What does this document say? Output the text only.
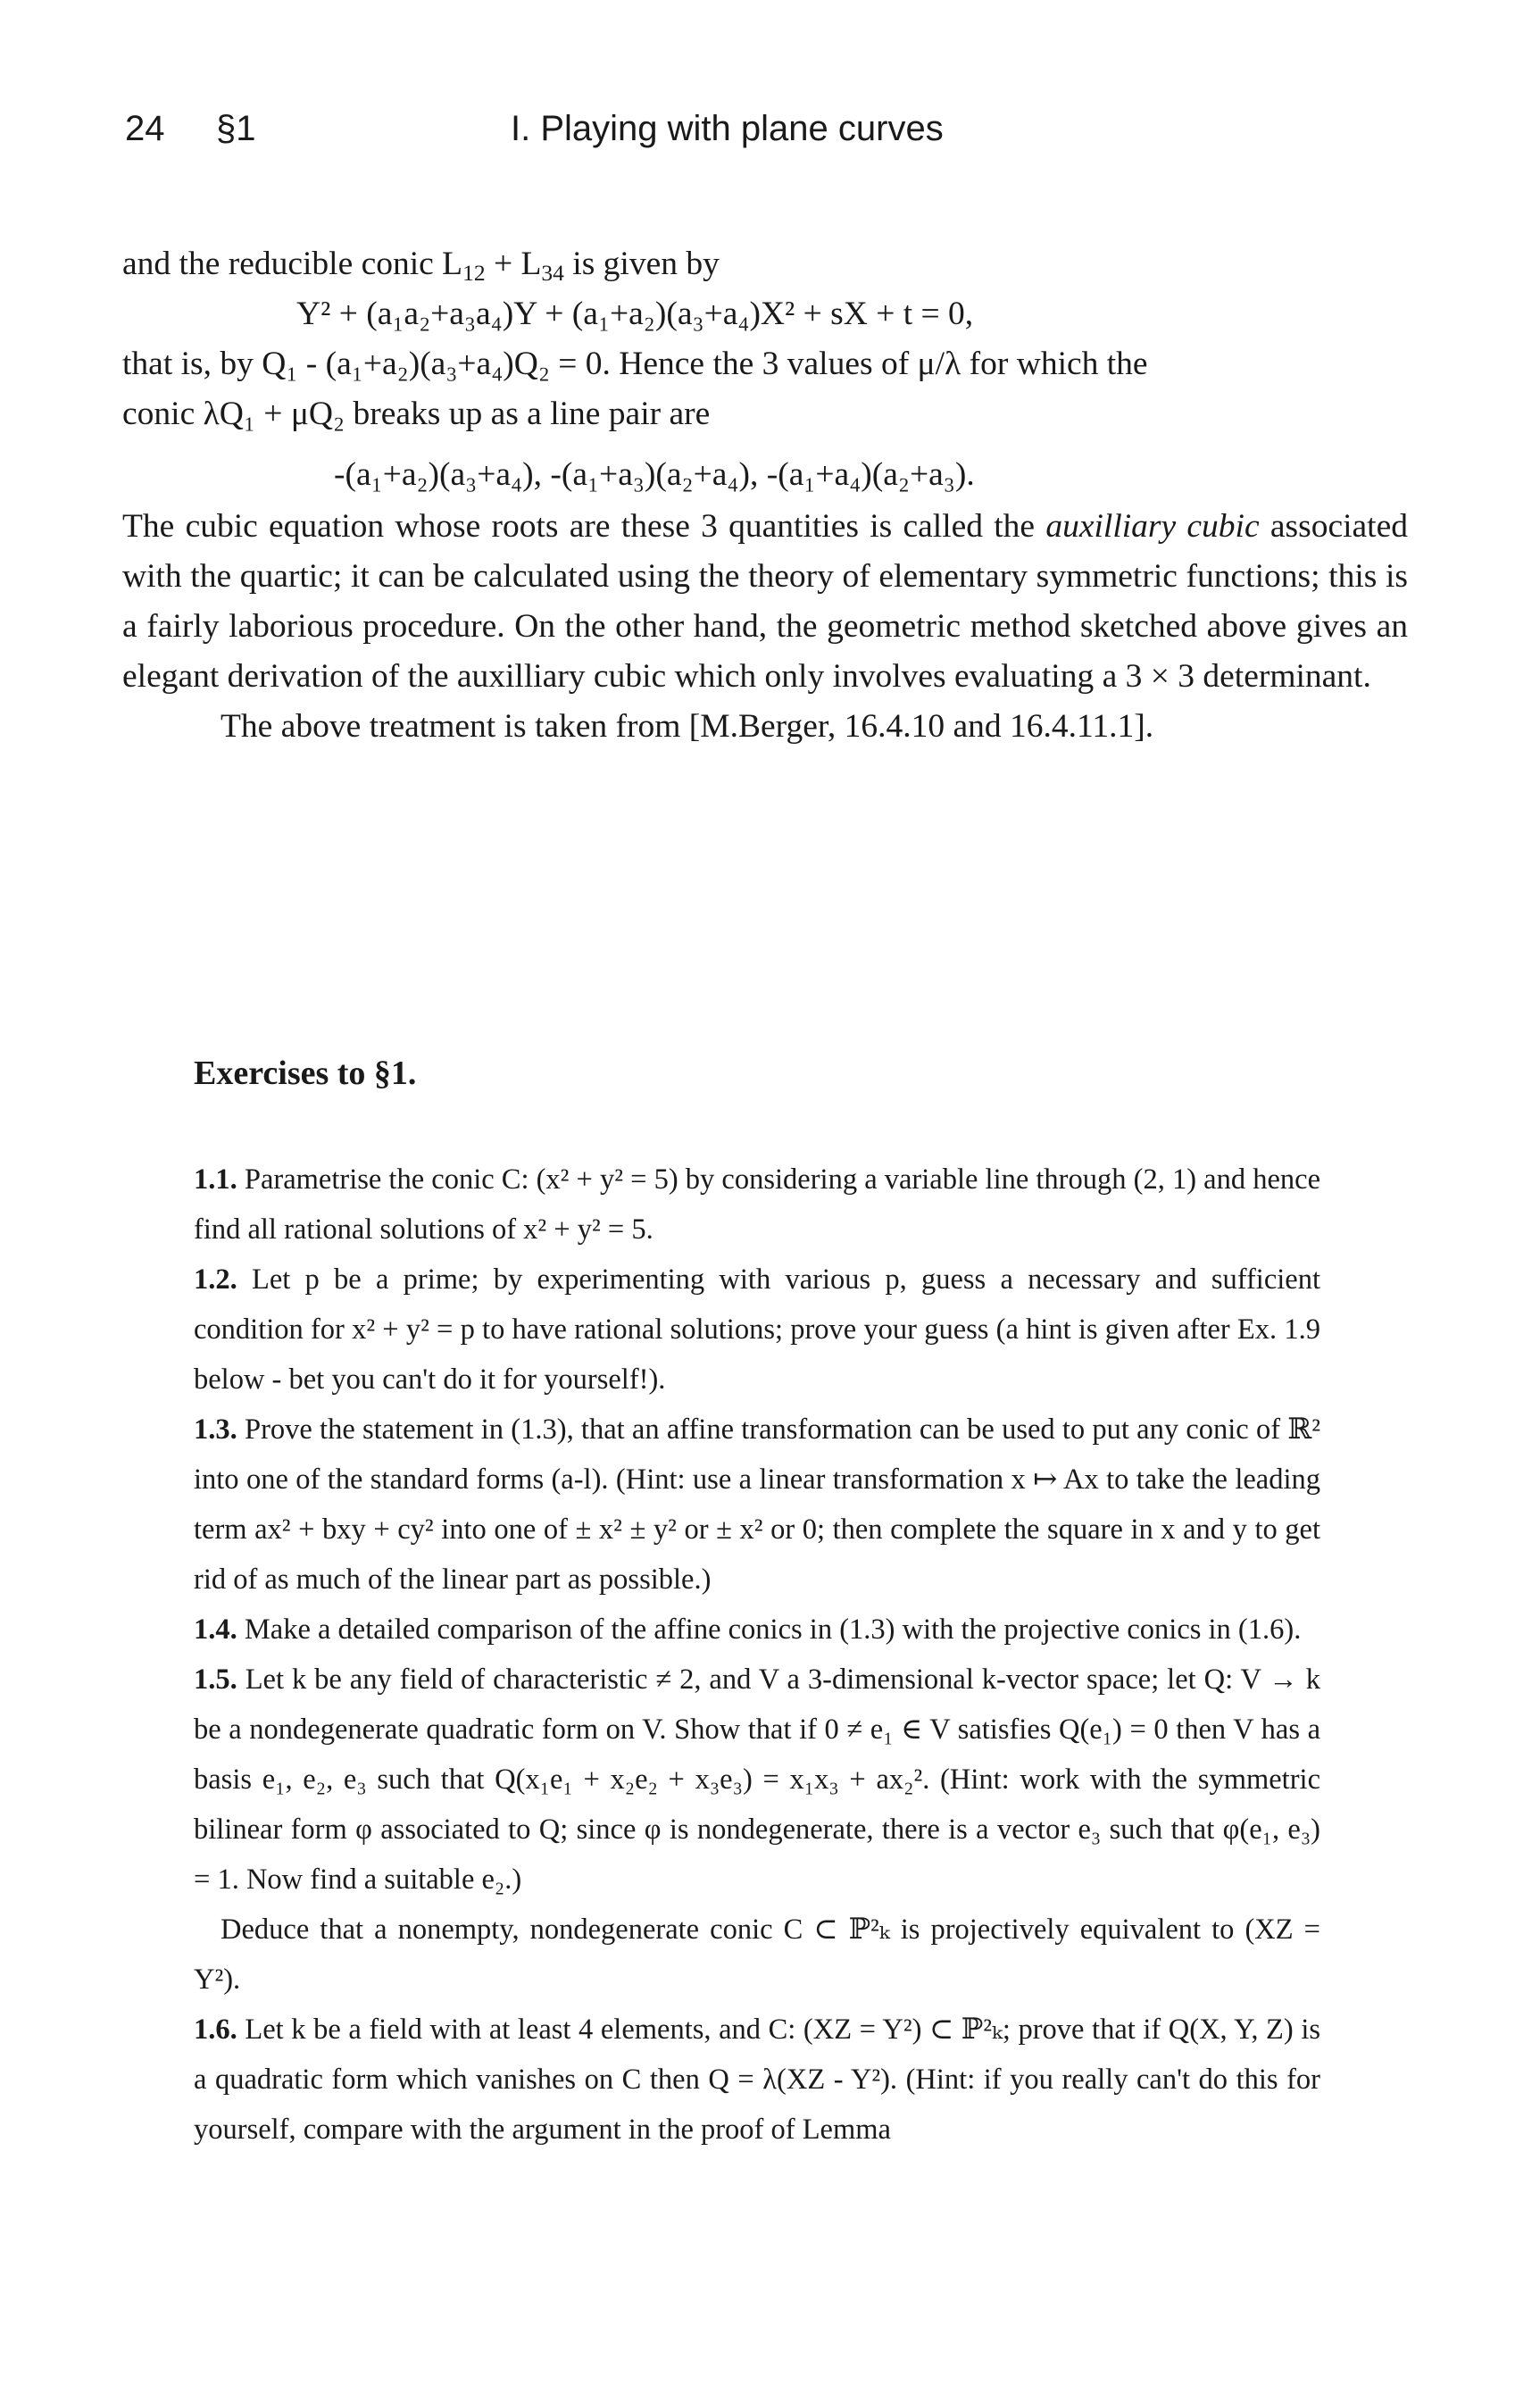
24 §1	I. Playing with plane curves

and the reducible conic $L_{12} + L_{34}$ is given by

Y² + (a₁a₂+a₃a₄)Y + (a₁+a₂)(a₃+a₄)X² + sX + t = 0,

that is, by Q₁ - (a₁+a₂)(a₃+a₄)Q₂ = 0. Hence the 3 values of μ/λ for which the

conic λQ₁ + μQ₂ breaks up as a line pair are

-(a₁+a₂)(a₃+a₄), -(a₁+a₃)(a₂+a₄), -(a₁+a₄)(a₂+a₃).

The cubic equation whose roots are these 3 quantities is called the auxilliary cubic associated with the quartic; it can be calculated using the theory of elementary symmetric functions; this is a fairly laborious procedure. On the other hand, the geometric method sketched above gives an elegant derivation of the auxilliary cubic which only involves evaluating a 3 × 3 determinant.

The above treatment is taken from [M.Berger, 16.4.10 and 16.4.11.1].

Exercises to §1.

1.1. Parametrise the conic C: (x² + y² = 5) by considering a variable line through (2, 1) and hence find all rational solutions of x² + y² = 5.

1.2. Let p be a prime; by experimenting with various p, guess a necessary and sufficient condition for x² + y² = p to have rational solutions; prove your guess (a hint is given after Ex. 1.9 below - bet you can't do it for yourself!).

1.3. Prove the statement in (1.3), that an affine transformation can be used to put any conic of ℝ² into one of the standard forms (a-l). (Hint: use a linear transformation x ↦ Ax to take the leading term ax² + bxy + cy² into one of ± x² ± y² or ± x² or 0; then complete the square in x and y to get rid of as much of the linear part as possible.)

1.4. Make a detailed comparison of the affine conics in (1.3) with the projective conics in (1.6).

1.5. Let k be any field of characteristic ≠ 2, and V a 3-dimensional k-vector space; let Q: V → k be a nondegenerate quadratic form on V. Show that if 0 ≠ e₁ ∈ V satisfies Q(e₁) = 0 then V has a basis e₁, e₂, e₃ such that Q(x₁e₁ + x₂e₂ + x₃e₃) = x₁x₃ + ax₂². (Hint: work with the symmetric bilinear form φ associated to Q; since φ is nondegenerate, there is a vector e₃ such that φ(e₁, e₃) = 1. Now find a suitable e₂.)
Deduce that a nonempty, nondegenerate conic C ⊂ ℙ²ₖ is projectively equivalent to (XZ = Y²).

1.6. Let k be a field with at least 4 elements, and C: (XZ = Y²) ⊂ ℙ²ₖ; prove that if Q(X, Y, Z) is a quadratic form which vanishes on C then Q = λ(XZ - Y²). (Hint: if you really can't do this for yourself, compare with the argument in the proof of Lemma
